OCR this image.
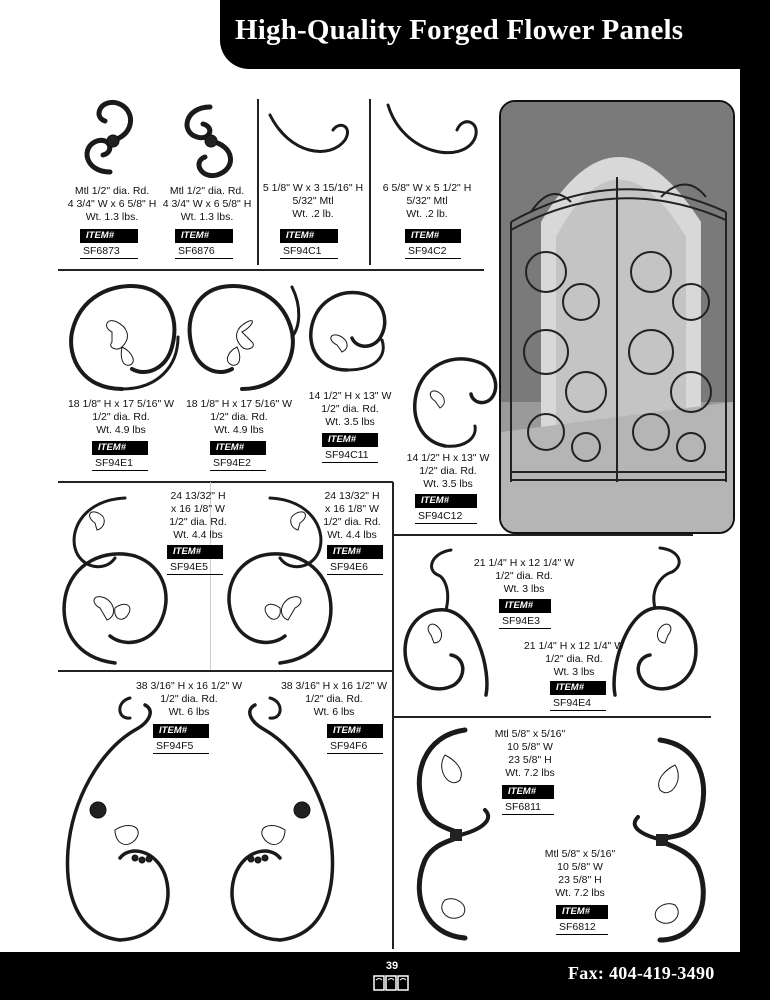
High-Quality Forged Flower Panels
Mtl 1/2" dia. Rd.
4 3/4" W x 6 5/8" H
Wt. 1.3 lbs.
ITEM#
SF6873
Mtl 1/2" dia. Rd.
4 3/4" W x 6 5/8" H
Wt. 1.3 lbs.
ITEM#
SF6876
5 1/8" W x 3 15/16" H
5/32" Mtl
Wt. .2 lb.
ITEM#
SF94C1
6 5/8" W x 5 1/2" H
5/32" Mtl
Wt. .2 lb.
ITEM#
SF94C2
18 1/8" H x 17 5/16" W
1/2" dia. Rd.
Wt. 4.9 lbs
ITEM#
SF94E1
18 1/8" H x 17 5/16" W
1/2" dia. Rd.
Wt. 4.9 lbs
ITEM#
SF94E2
14 1/2" H x 13" W
1/2" dia. Rd.
Wt. 3.5 lbs
ITEM#
SF94C11	14 1/2" H x 13" W
1/2" dia. Rd.
Wt. 3.5 lbs
ITEM#
SF94C12
24 13/32" H
x 16 1/8" W
1/2" dia. Rd.
Wt. 4.4 lbs
ITEM#
SF94E5
24 13/32" H
x 16 1/8" W
1/2" dia. Rd.
Wt. 4.4 lbs
ITEM#
SF94E6	21 1/4" H x 12 1/4" W
1/2" dia. Rd.
Wt. 3 lbs
ITEM#
SF94E3
21 1/4" H x 12 1/4" W
1/2" dia. Rd.
Wt. 3 lbs
ITEM#
SF94E4
38 3/16" H x 16 1/2" W
1/2" dia. Rd.
Wt. 6 lbs
ITEM#
SF94F5
38 3/16" H x 16 1/2" W
1/2" dia. Rd.
Wt. 6 lbs
ITEM#
SF94F6
Mtl 5/8" x 5/16"
10 5/8" W
23 5/8" H
Wt. 7.2 lbs
ITEM#
SF6811
Mtl 5/8" x 5/16"
10 5/8" W
23 5/8" H
Wt. 7.2 lbs
ITEM#
SF6812
39	Fax: 404-419-3490
